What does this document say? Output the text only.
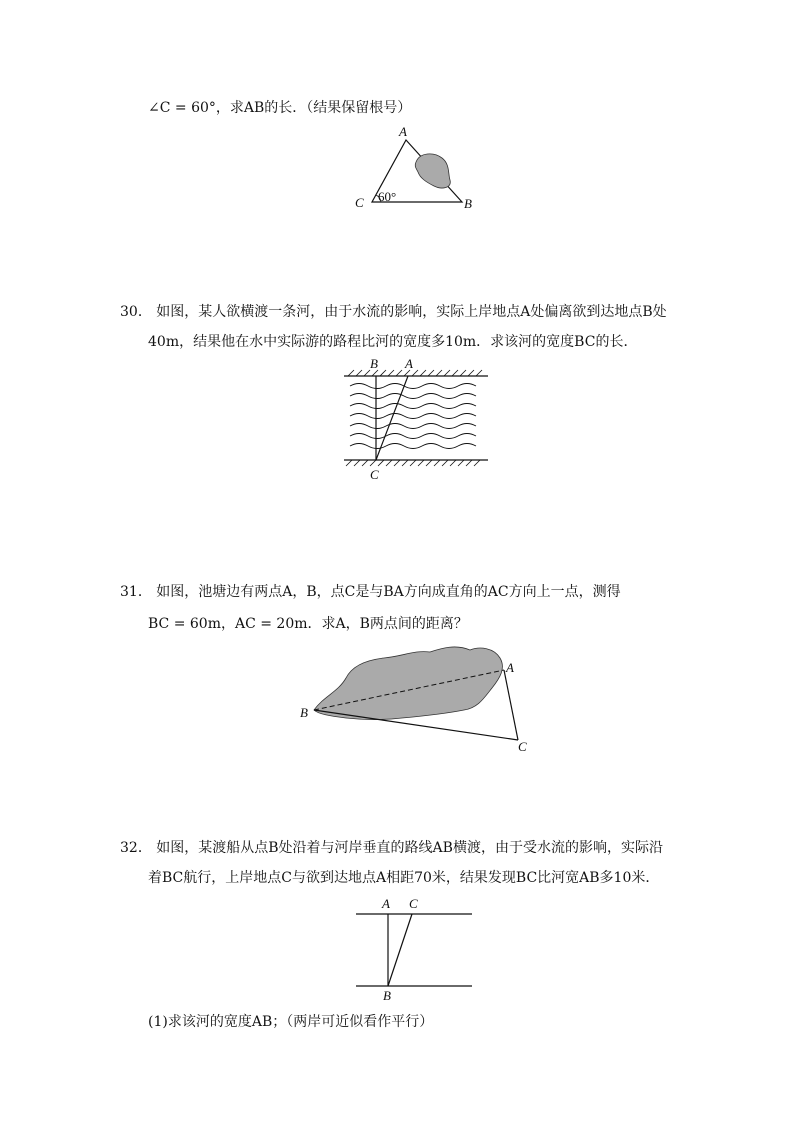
∠C = 60°，求AB的长．（结果保留根号）
A
C	B
60°
30． 如图，某人欲横渡一条河，由于水流的影响，实际上岸地点A处偏离欲到达地点B处
40m，结果他在水中实际游的路程比河的宽度多10m．求该河的宽度BC的长．
B A
C
31． 如图，池塘边有两点A，B，点C是与BA方向成直角的AC方向上一点，测得
BC = 60m，AC = 20m．求A，B两点间的距离？
A
B
C
32． 如图，某渡船从点B处沿着与河岸垂直的路线AB横渡，由于受水流的影响，实际沿
着BC航行，上岸地点C与欲到达地点A相距70米，结果发现BC比河宽AB多10米．
A C
B
(1)求该河的宽度AB；（两岸可近似看作平行）
